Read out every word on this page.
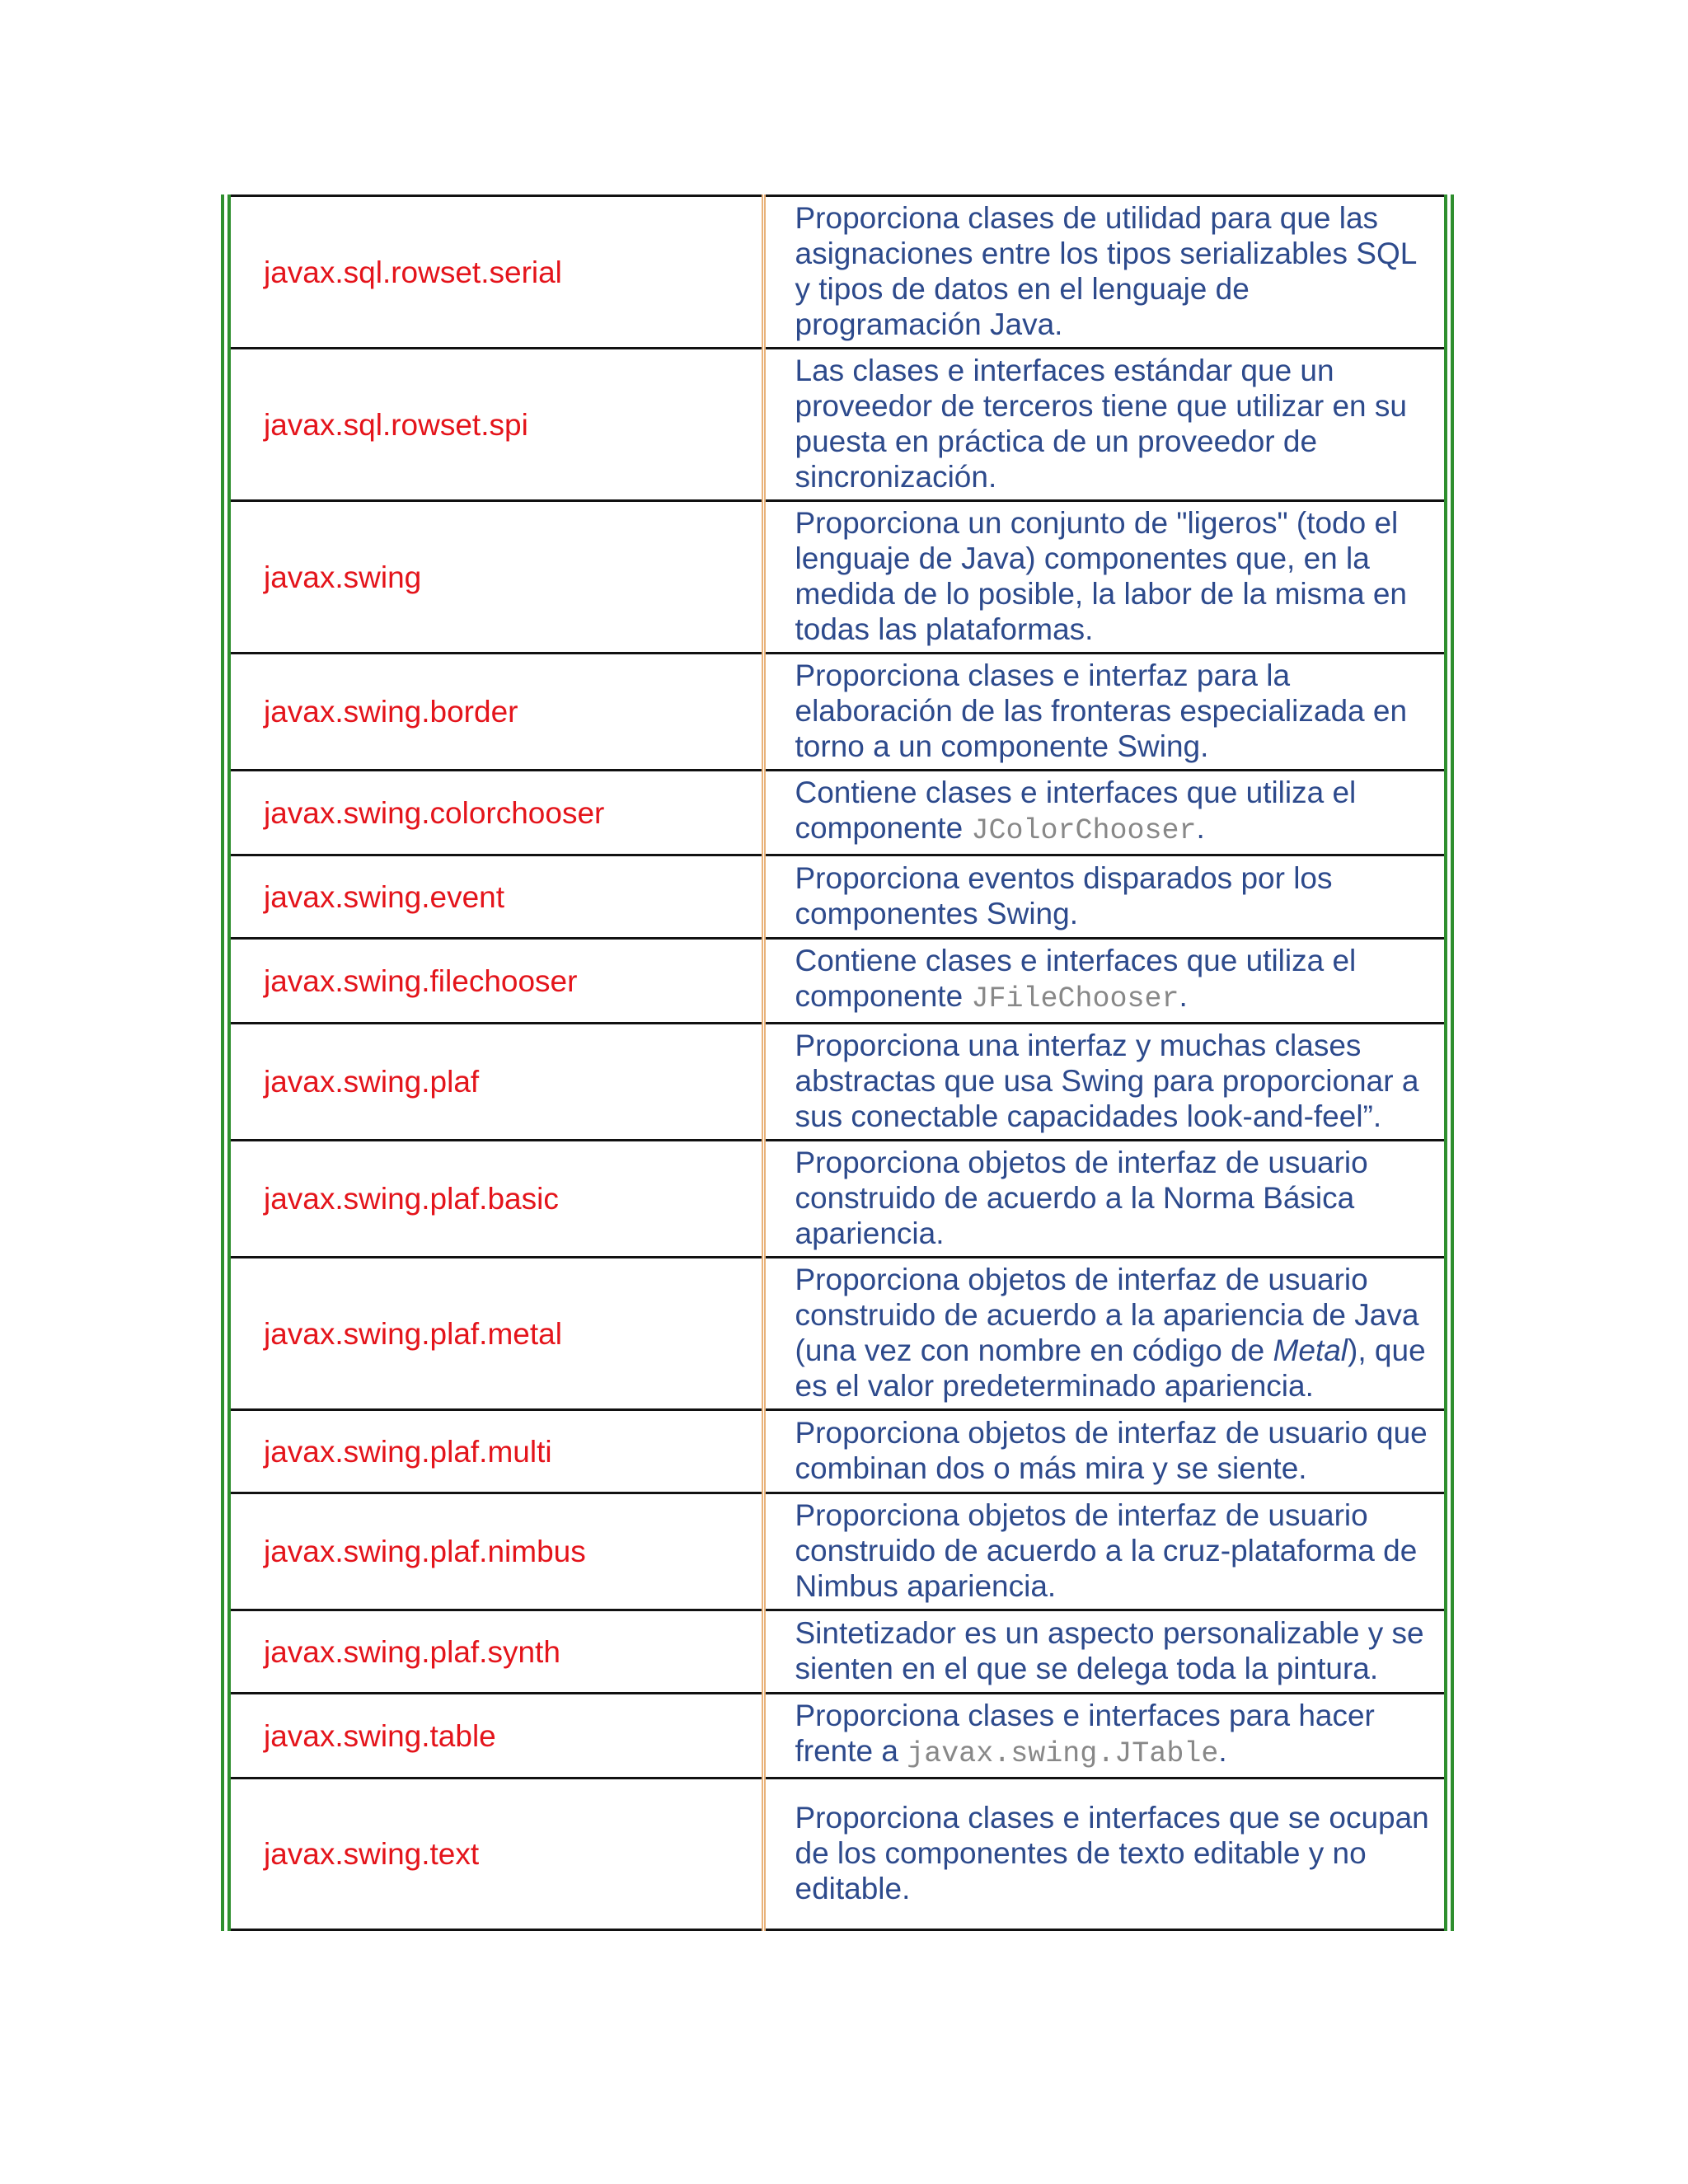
javax.sql.rowset.serial	Proporciona clases de utilidad para que las asignaciones entre los tipos serializables SQL y tipos de datos en el lenguaje de programación Java.

javax.sql.rowset.spi	Las clases e interfaces estándar que un proveedor de terceros tiene que utilizar en su puesta en práctica de un proveedor de sincronización.

javax.swing	Proporciona un conjunto de "ligeros" (todo el lenguaje de Java) componentes que, en la medida de lo posible, la labor de la misma en todas las plataformas.

javax.swing.border	Proporciona clases e interfaz para la elaboración de las fronteras especializada en torno a un componente Swing.

javax.swing.colorchooser	Contiene clases e interfaces que utiliza el componente JColorChooser.

javax.swing.event	Proporciona eventos disparados por los componentes Swing.

javax.swing.filechooser	Contiene clases e interfaces que utiliza el componente JFileChooser.

javax.swing.plaf	Proporciona una interfaz y muchas clases abstractas que usa Swing para proporcionar a sus conectable capacidades look-and-feel”.

javax.swing.plaf.basic	Proporciona objetos de interfaz de usuario construido de acuerdo a la Norma Básica apariencia.

javax.swing.plaf.metal	Proporciona objetos de interfaz de usuario construido de acuerdo a la apariencia de Java (una vez con nombre en código de Metal), que es el valor predeterminado apariencia.

javax.swing.plaf.multi	Proporciona objetos de interfaz de usuario que combinan dos o más mira y se siente.

javax.swing.plaf.nimbus	Proporciona objetos de interfaz de usuario construido de acuerdo a la cruz-plataforma de Nimbus apariencia.

javax.swing.plaf.synth	Sintetizador es un aspecto personalizable y se sienten en el que se delega toda la pintura.

javax.swing.table	Proporciona clases e interfaces para hacer frente a javax.swing.JTable.

javax.swing.text	Proporciona clases e interfaces que se ocupan de los componentes de texto editable y no editable.
